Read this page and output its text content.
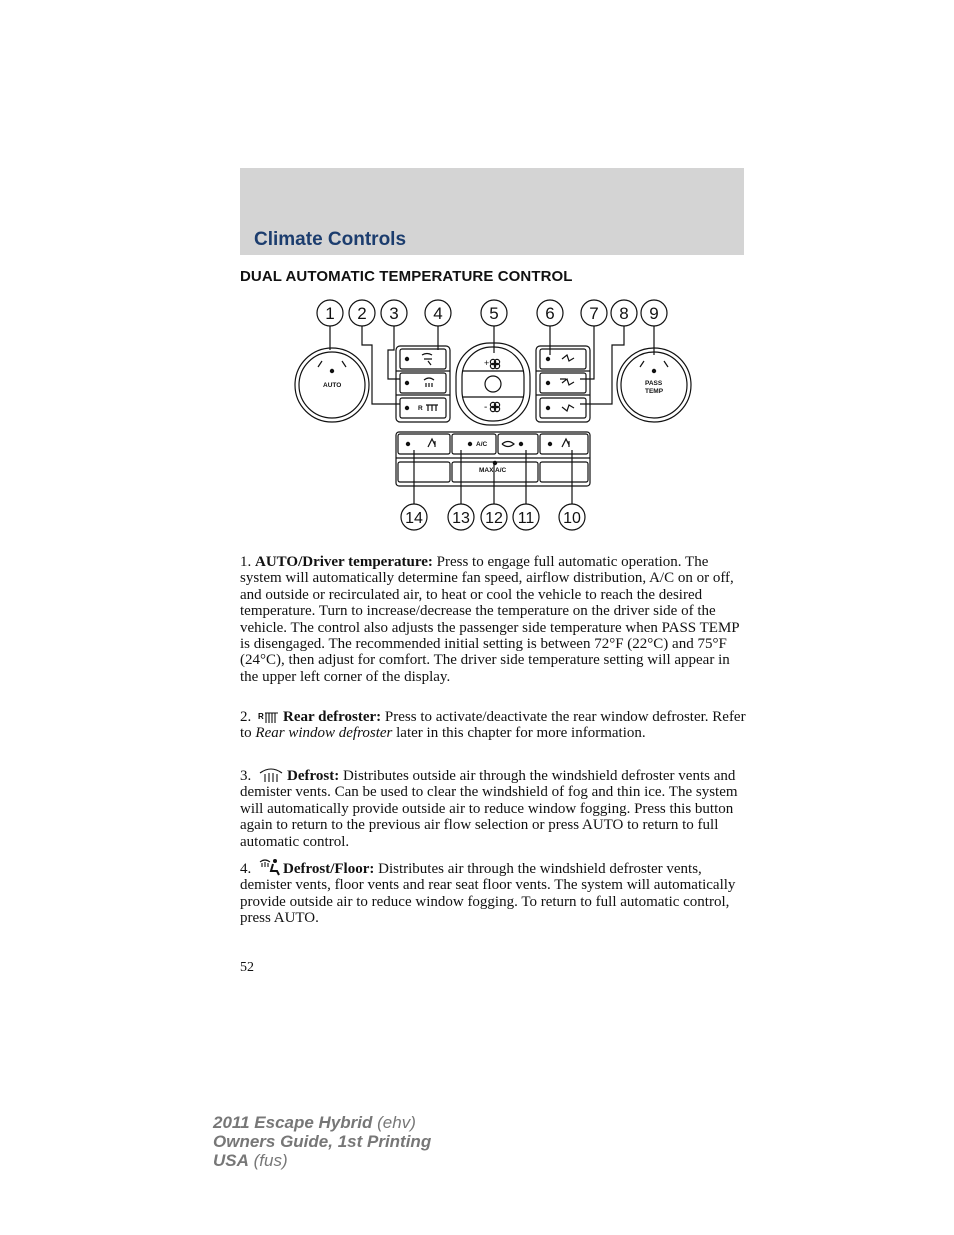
Climate Controls
DUAL AUTOMATIC TEMPERATURE CONTROL
+
-
AUTO	PASS
TEMP
A/C
MAX A/C
R
1 2 3 4	5	6 7 8 9
14 13 12 11 10
1. AUTO/Driver temperature: Press to engage full automatic operation. The system will automatically determine fan speed, airflow distribution, A/C on or off, and outside or recirculated air, to heat or cool the vehicle to reach the desired temperature. Turn to increase/decrease the temperature on the driver side of the vehicle. The control also adjusts the passenger side temperature when PASS TEMP is disengaged. The recommended initial setting is between 72°F (22°C) and 75°F (24°C), then adjust for comfort. The driver side temperature setting will appear in the upper left corner of the display.
2. R Rear defroster: Press to activate/deactivate the rear window defroster. Refer to Rear window defroster later in this chapter for more information.
3. Defrost: Distributes outside air through the windshield defroster vents and demister vents. Can be used to clear the windshield of fog and thin ice. The system will automatically provide outside air to reduce window fogging. Press this button again to return to the previous air flow selection or press AUTO to return to full automatic control.
4. Defrost/Floor: Distributes air through the windshield defroster vents, demister vents, floor vents and rear seat floor vents. The system will automatically provide outside air to reduce window fogging. To return to full automatic control, press AUTO.
52
2011 Escape Hybrid (ehv)
Owners Guide, 1st Printing
USA (fus)
